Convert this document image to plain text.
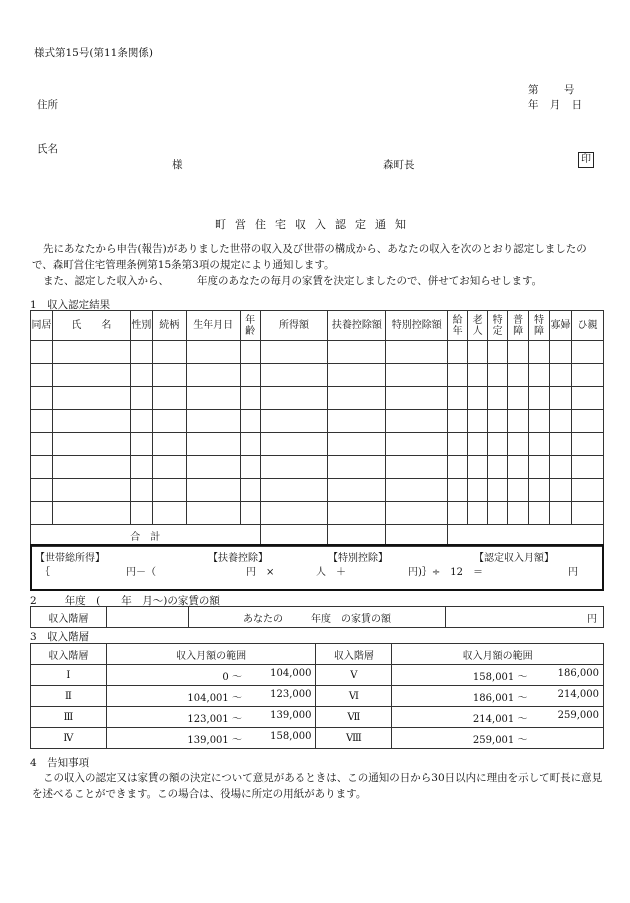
様式第15号(第11条関係)
第 号
年 月 日
住所
氏名
様	森町長	印
町営住宅収入認定通知
先にあなたから申告(報告)がありました世帯の収入及び世帯の構成から、あなたの収入を次のとおり認定しましたので、森町営住宅管理条例第15条第3項の規定により通知します。
また、認定した収入から、	年度のあなたの毎月の家賃を決定しましたので、併せてお知らせします。
1　収入認定結果
同居	氏　　名	性別	続柄	生年月日	年齢	所得額	扶養控除額	特別控除額	給年	老人	特定	普障	特障	寡婦	ひ親

合　計															
【世帯総所得】	【扶養控除】	【特別控除】	【認定収入月額】
｛	円－（	円　×	人　＋	円)｝÷　12　＝	円
2	年度　(　　年　月～)の家賃の額
収入階層		あなたの	年度　の家賃の額	円
3　収入階層
収入階層	収入月額の範囲	収入階層	収入月額の範囲
Ⅰ	0 ～ 104,000	Ⅴ	158,001 ～ 186,000

Ⅱ	104,001 ～ 123,000	Ⅵ	186,001 ～ 214,000

Ⅲ	123,001 ～ 139,000	Ⅶ	214,001 ～ 259,000

Ⅳ	139,001 ～ 158,000	Ⅷ	259,001 ～
4　告知事項
この収入の認定又は家賃の額の決定について意見があるときは、この通知の日から30日以内に理由を示して町長に意見を述べることができます。この場合は、役場に所定の用紙があります。
